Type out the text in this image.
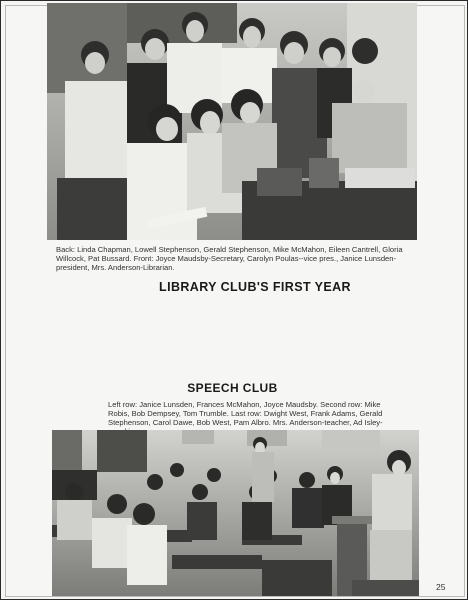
Back: Linda Chapman, Lowell Stephenson, Gerald Stephenson, Mike McMahon, Eileen Cantrell, Gloria Willcock, Pat Bussard. Front: Joyce Maudsby-Secretary, Carolyn Poulas--vice pres., Janice Lunsden-president, Mrs. Anderson-Librarian.
LIBRARY CLUB'S FIRST YEAR
SPEECH CLUB
Left row: Janice Lunsden, Frances McMahon, Joyce Maudsby. Second row: Mike Robis, Bob Dempsey, Tom Trumble. Last row: Dwight West, Frank Adams, Gerald Stephenson, Carol Dawe, Bob West, Pam Albro. Mrs. Anderson-teacher, Ad Isley-
25
